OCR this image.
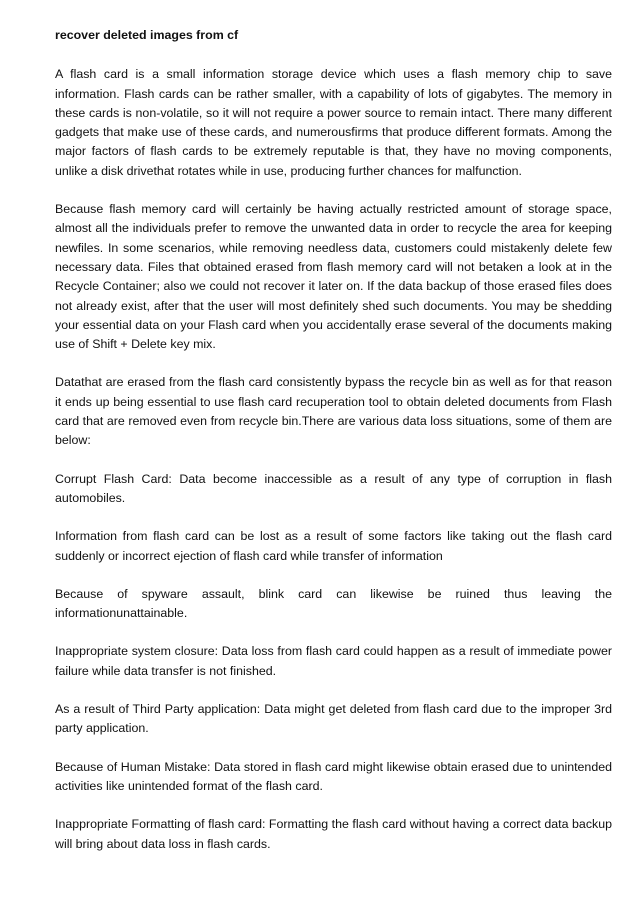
recover deleted images from cf

A flash card is a small information storage device which uses a flash memory chip to save information. Flash cards can be rather smaller, with a capability of lots of gigabytes. The memory in these cards is non-volatile, so it will not require a power source to remain intact. There many different gadgets that make use of these cards, and numerousfirms that produce different formats. Among the major factors of flash cards to be extremely reputable is that, they have no moving components, unlike a disk drivethat rotates while in use, producing further chances for malfunction.

Because flash memory card will certainly be having actually restricted amount of storage space, almost all the individuals prefer to remove the unwanted data in order to recycle the area for keeping newfiles. In some scenarios, while removing needless data, customers could mistakenly delete few necessary data. Files that obtained erased from flash memory card will not betaken a look at in the Recycle Container; also we could not recover it later on. If the data backup of those erased files does not already exist, after that the user will most definitely shed such documents. You may be shedding your essential data on your Flash card when you accidentally erase several of the documents making use of Shift + Delete key mix.

Datathat are erased from the flash card consistently bypass the recycle bin as well as for that reason it ends up being essential to use flash card recuperation tool to obtain deleted documents from Flash card that are removed even from recycle bin.There are various data loss situations, some of them are below:

Corrupt Flash Card: Data become inaccessible as a result of any type of corruption in flash automobiles.

Information from flash card can be lost as a result of some factors like taking out the flash card suddenly or incorrect ejection of flash card while transfer of information

Because of spyware assault, blink card can likewise be ruined thus leaving the informationunattainable.

Inappropriate system closure: Data loss from flash card could happen as a result of immediate power failure while data transfer is not finished.

As a result of Third Party application: Data might get deleted from flash card due to the improper 3rd party application.

Because of Human Mistake: Data stored in flash card might likewise obtain erased due to unintended activities like unintended format of the flash card.

Inappropriate Formatting of flash card: Formatting the flash card without having a correct data backup will bring about data loss in flash cards.
